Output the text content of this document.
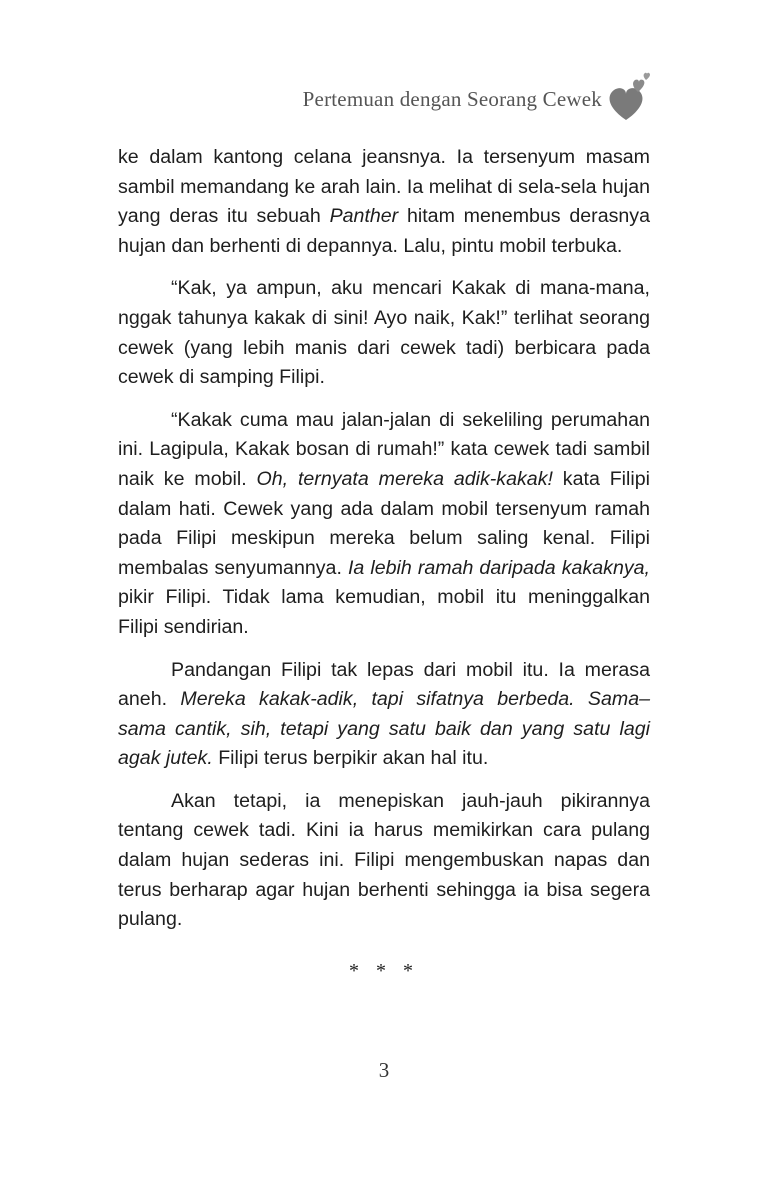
Pertemuan dengan Seorang Cewek

ke dalam kantong celana jeansnya. Ia tersenyum masam sambil memandang ke arah lain. Ia melihat di sela-sela hujan yang deras itu sebuah Panther hitam menembus derasnya hujan dan berhenti di depannya. Lalu, pintu mobil terbuka.

“Kak, ya ampun, aku mencari Kakak di mana-mana, nggak tahunya kakak di sini! Ayo naik, Kak!” terlihat seorang cewek (yang lebih manis dari cewek tadi) berbicara pada cewek di samping Filipi.

“Kakak cuma mau jalan-jalan di sekeliling perumahan ini. Lagipula, Kakak bosan di rumah!” kata cewek tadi sambil naik ke mobil. Oh, ternyata mereka adik-kakak! kata Filipi dalam hati. Cewek yang ada dalam mobil tersenyum ramah pada Filipi meskipun mereka belum saling kenal. Filipi membalas senyumannya. Ia lebih ramah daripada kakaknya, pikir Filipi. Tidak lama kemudian, mobil itu meninggalkan Filipi sendirian.

Pandangan Filipi tak lepas dari mobil itu. Ia merasa aneh. Mereka kakak-adik, tapi sifatnya berbeda. Sama–sama cantik, sih, tetapi yang satu baik dan yang satu lagi agak jutek. Filipi terus berpikir akan hal itu.

Akan tetapi, ia menepiskan jauh-jauh pikirannya tentang cewek tadi. Kini ia harus memikirkan cara pulang dalam hujan sederas ini. Filipi mengembuskan napas dan terus berharap agar hujan berhenti sehingga ia bisa segera pulang.

* * *
3
